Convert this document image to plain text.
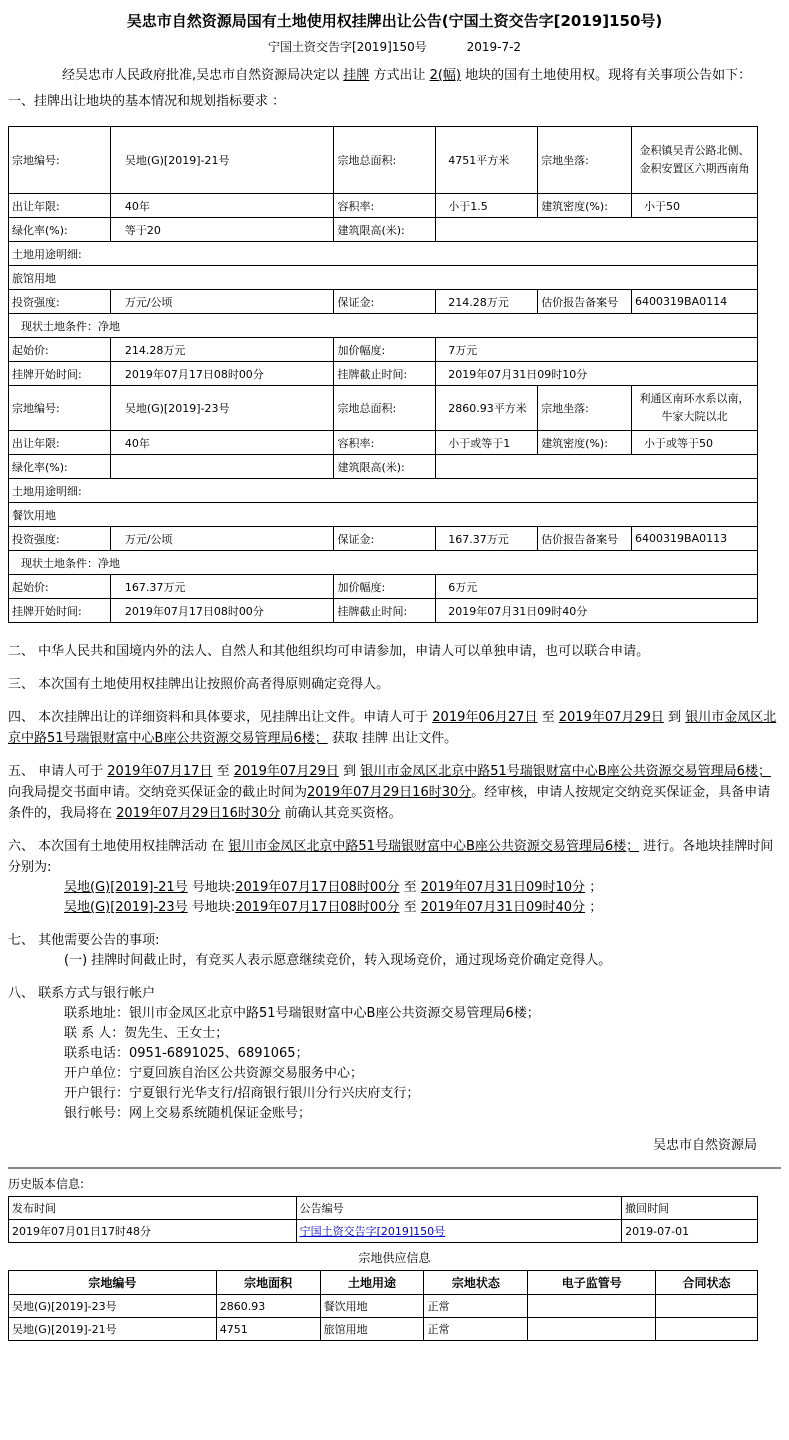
吴忠市自然资源局国有土地使用权挂牌出让公告(宁国土资交告字[2019]150号)
宁国土资交告字[2019]150号	2019-7-2
经吴忠市人民政府批准,吴忠市自然资源局决定以 挂牌 方式出让 2(幅) 地块的国有土地使用权。现将有关事项公告如下：
一、挂牌出让地块的基本情况和规划指标要求 ：
宗地编号:	吴地(G)[2019]-21号	宗地总面积:	4751平方米	宗地坐落:	金积镇吴青公路北侧、金积安置区六期西南角
出让年限:	40年	容积率:	小于1.5	建筑密度(%):	小于50
绿化率(%):	等于20	建筑限高(米):			
土地用途明细:					
旅馆用地					
投资强度:	万元/公顷	保证金:	214.28万元	估价报告备案号	6400319BA0114
现状土地条件：净地					
起始价:	214.28万元	加价幅度:	7万元		
挂牌开始时间:	2019年07月17日08时00分	挂牌截止时间:	2019年07月31日09时10分		
宗地编号:	吴地(G)[2019]-23号	宗地总面积:	2860.93平方米	宗地坐落:	利通区南环水系以南，牛家大院以北
出让年限:	40年	容积率:	小于或等于1	建筑密度(%):	小于或等于50
绿化率(%):		建筑限高(米):			
土地用途明细:					
餐饮用地					
投资强度:	万元/公顷	保证金:	167.37万元	估价报告备案号	6400319BA0113
现状土地条件：净地					
起始价:	167.37万元	加价幅度:	6万元		
挂牌开始时间:	2019年07月17日08时00分	挂牌截止时间:	2019年07月31日09时40分		
二、 中华人民共和国境内外的法人、自然人和其他组织均可申请参加，申请人可以单独申请，也可以联合申请。
三、 本次国有土地使用权挂牌出让按照价高者得原则确定竞得人。
四、 本次挂牌出让的详细资料和具体要求，见挂牌出让文件。申请人可于 2019年06月27日 至 2019年07月29日 到 银川市金凤区北京中路51号瑞银财富中心B座公共资源交易管理局6楼； 获取 挂牌 出让文件。
五、 申请人可于 2019年07月17日 至 2019年07月29日 到 银川市金凤区北京中路51号瑞银财富中心B座公共资源交易管理局6楼； 向我局提交书面申请。交纳竞买保证金的截止时间为2019年07月29日16时30分。经审核，申请人按规定交纳竞买保证金，具备申请条件的，我局将在 2019年07月29日16时30分 前确认其竞买资格。
六、 本次国有土地使用权挂牌活动 在 银川市金凤区北京中路51号瑞银财富中心B座公共资源交易管理局6楼； 进行。各地块挂牌时间分别为:
吴地(G)[2019]-21号 号地块:2019年07月17日08时00分 至 2019年07月31日09时10分 ；
吴地(G)[2019]-23号 号地块:2019年07月17日08时00分 至 2019年07月31日09时40分 ；
七、 其他需要公告的事项:
(一) 挂牌时间截止时，有竞买人表示愿意继续竞价，转入现场竞价，通过现场竞价确定竞得人。
八、 联系方式与银行帐户
联系地址：银川市金凤区北京中路51号瑞银财富中心B座公共资源交易管理局6楼；
联 系 人：贺先生、王女士；
联系电话：0951-6891025、6891065；
开户单位：宁夏回族自治区公共资源交易服务中心；
开户银行：宁夏银行光华支行/招商银行银川分行兴庆府支行；
银行帐号：网上交易系统随机保证金账号；
吴忠市自然资源局
历史版本信息:
发布时间	公告编号	撤回时间
2019年07月01日17时48分	宁国土资交告字[2019]150号	2019-07-01
宗地供应信息
宗地编号	宗地面积	土地用途	宗地状态	电子监管号	合同状态
吴地(G)[2019]-23号	2860.93	餐饮用地	正常		
吴地(G)[2019]-21号	4751	旅馆用地	正常		
